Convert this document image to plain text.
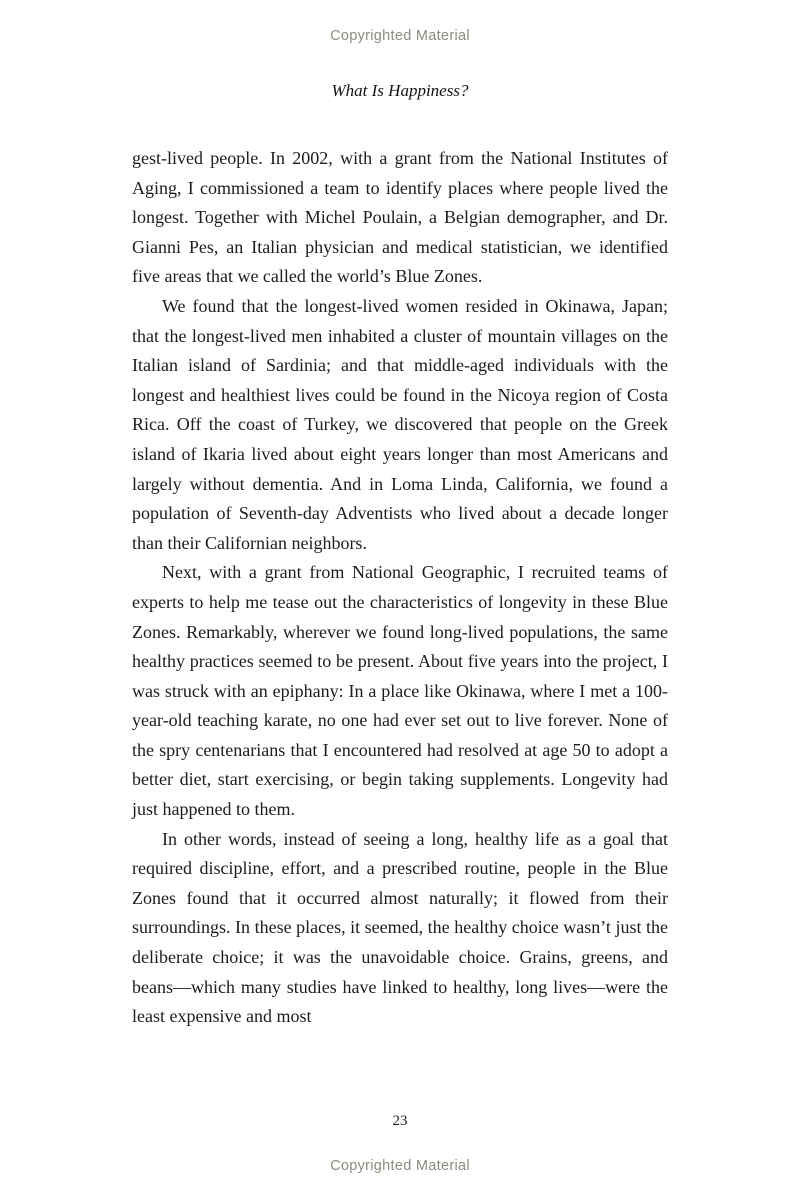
Copyrighted Material
What Is Happiness?

gest-lived people. In 2002, with a grant from the National Institutes of Aging, I commissioned a team to identify places where people lived the longest. Together with Michel Poulain, a Belgian demographer, and Dr. Gianni Pes, an Italian physician and medical statistician, we identified five areas that we called the world’s Blue Zones.

We found that the longest-lived women resided in Okinawa, Japan; that the longest-lived men inhabited a cluster of mountain villages on the Italian island of Sardinia; and that middle-aged individuals with the longest and healthiest lives could be found in the Nicoya region of Costa Rica. Off the coast of Turkey, we discovered that people on the Greek island of Ikaria lived about eight years longer than most Americans and largely without dementia. And in Loma Linda, California, we found a population of Seventh-day Adventists who lived about a decade longer than their Californian neighbors.

Next, with a grant from National Geographic, I recruited teams of experts to help me tease out the characteristics of longevity in these Blue Zones. Remarkably, wherever we found long-lived populations, the same healthy practices seemed to be present. About five years into the project, I was struck with an epiphany: In a place like Okinawa, where I met a 100-year-old teaching karate, no one had ever set out to live forever. None of the spry centenarians that I encountered had resolved at age 50 to adopt a better diet, start exercising, or begin taking supplements. Longevity had just happened to them.

In other words, instead of seeing a long, healthy life as a goal that required discipline, effort, and a prescribed routine, people in the Blue Zones found that it occurred almost naturally; it flowed from their surroundings. In these places, it seemed, the healthy choice wasn’t just the deliberate choice; it was the unavoidable choice. Grains, greens, and beans—which many studies have linked to healthy, long lives—were the least expensive and most

23
Copyrighted Material
